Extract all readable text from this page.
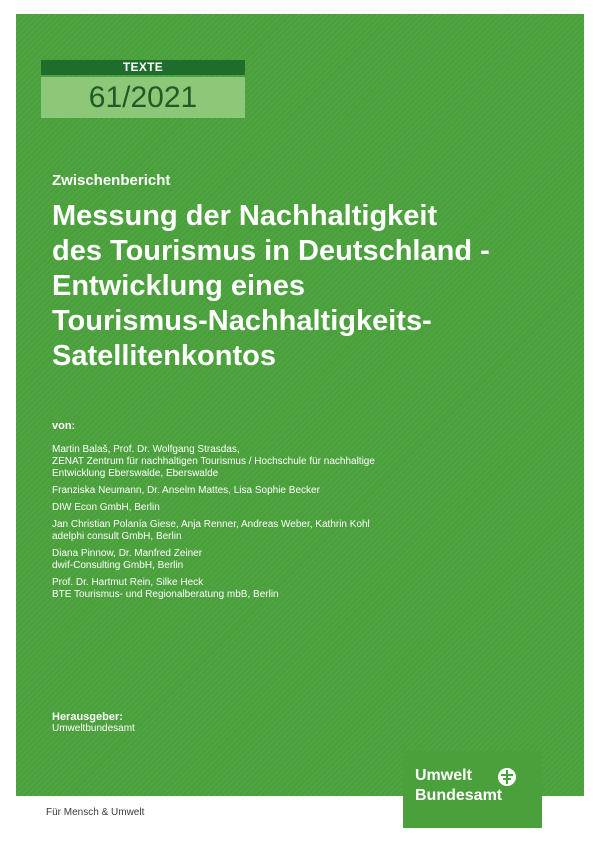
TEXTE
61/2021
Zwischenbericht
Messung der Nachhaltigkeit
des Tourismus in Deutschland -
Entwicklung eines
Tourismus-Nachhaltigkeits-
Satellitenkontos
von:
Martin Balaš, Prof. Dr. Wolfgang Strasdas,
ZENAT Zentrum für nachhaltigen Tourismus / Hochschule für nachhaltige
Entwicklung Eberswalde, Eberswalde
Franziska Neumann, Dr. Anselm Mattes, Lisa Sophie Becker
DIW Econ GmbH, Berlin
Jan Christian Polanía Giese, Anja Renner, Andreas Weber, Kathrin Kohl
adelphi consult GmbH, Berlin
Diana Pinnow, Dr. Manfred Zeiner
dwif-Consulting GmbH, Berlin
Prof. Dr. Hartmut Rein, Silke Heck
BTE Tourismus- und Regionalberatung mbB, Berlin
Herausgeber:
Umweltbundesamt
Umwelt
Bundesamt
Für Mensch & Umwelt
